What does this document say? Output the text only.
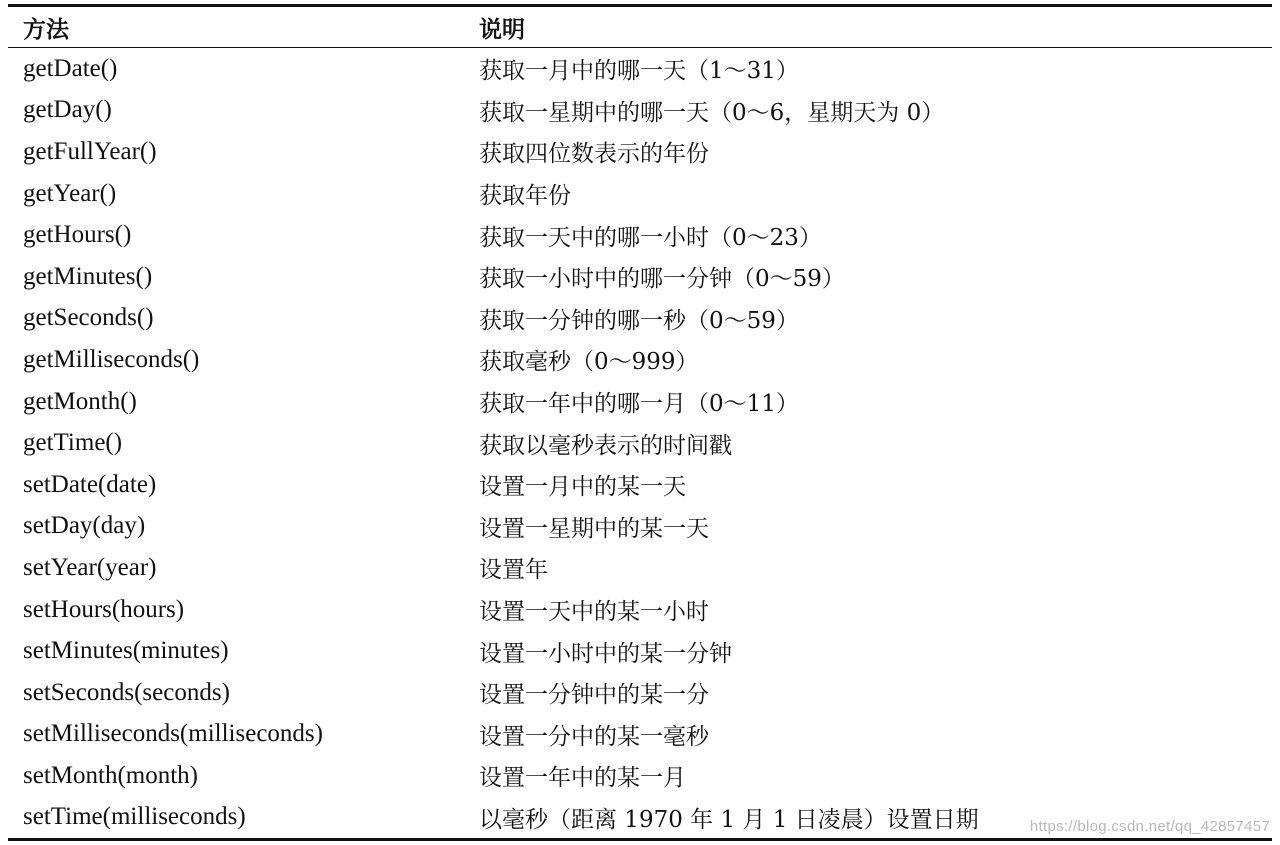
方法	说明
getDate()	获取一月中的哪一天（1～31）
getDay()	获取一星期中的哪一天（0～6，星期天为 0）
getFullYear()	获取四位数表示的年份
getYear()	获取年份
getHours()	获取一天中的哪一小时（0～23）
getMinutes()	获取一小时中的哪一分钟（0～59）
getSeconds()	获取一分钟的哪一秒（0～59）
getMilliseconds()	获取毫秒（0～999）
getMonth()	获取一年中的哪一月（0～11）
getTime()	获取以毫秒表示的时间戳
setDate(date)	设置一月中的某一天
setDay(day)	设置一星期中的某一天
setYear(year)	设置年
setHours(hours)	设置一天中的某一小时
setMinutes(minutes)	设置一小时中的某一分钟
setSeconds(seconds)	设置一分钟中的某一分
setMilliseconds(milliseconds)	设置一分中的某一毫秒
setMonth(month)	设置一年中的某一月
setTime(milliseconds)	以毫秒（距离 1970 年 1 月 1 日凌晨）设置日期	https://blog.csdn.net/qq_42857457
